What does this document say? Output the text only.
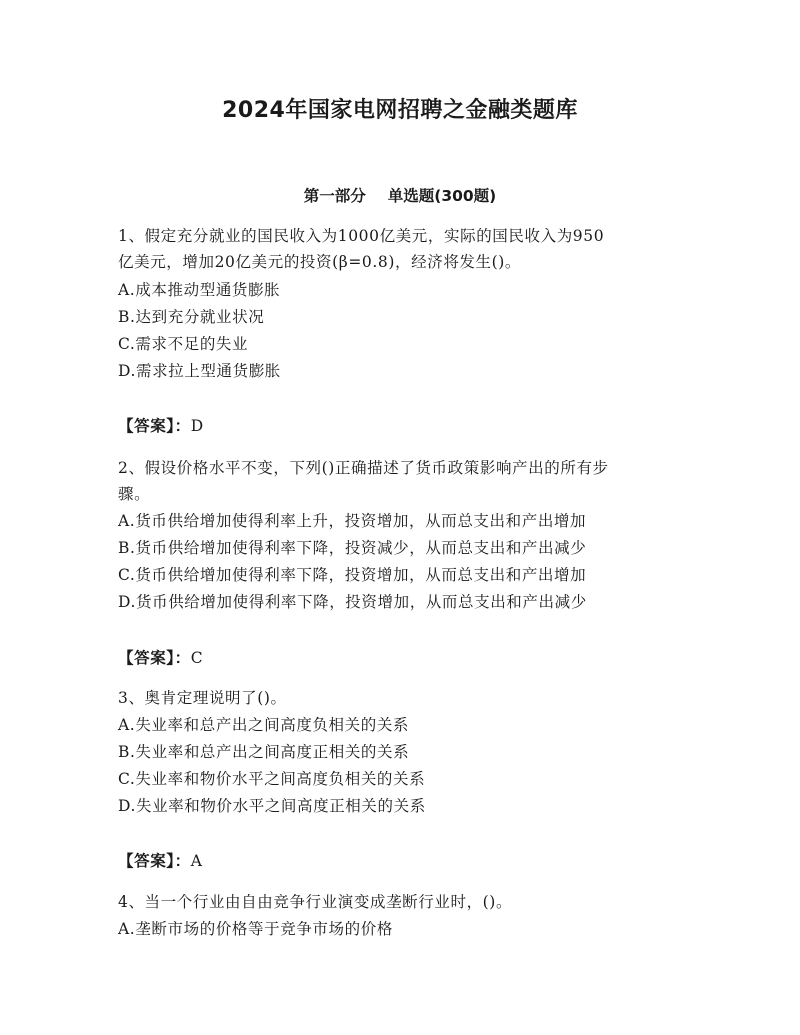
2024年国家电网招聘之金融类题库
第一部分 单选题(300题)
1、假定充分就业的国民收入为1000亿美元，实际的国民收入为950
亿美元，增加20亿美元的投资(β=0.8)，经济将发生()。
A.成本推动型通货膨胀
B.达到充分就业状况
C.需求不足的失业
D.需求拉上型通货膨胀
【答案】：D
2、假设价格水平不变，下列()正确描述了货币政策影响产出的所有步
骤。
A.货币供给增加使得利率上升，投资增加，从而总支出和产出增加
B.货币供给增加使得利率下降，投资减少，从而总支出和产出减少
C.货币供给增加使得利率下降，投资增加，从而总支出和产出增加
D.货币供给增加使得利率下降，投资增加，从而总支出和产出减少
【答案】：C
3、奥肯定理说明了()。
A.失业率和总产出之间高度负相关的关系
B.失业率和总产出之间高度正相关的关系
C.失业率和物价水平之间高度负相关的关系
D.失业率和物价水平之间高度正相关的关系
【答案】：A
4、当一个行业由自由竞争行业演变成垄断行业时，()。
A.垄断市场的价格等于竞争市场的价格
